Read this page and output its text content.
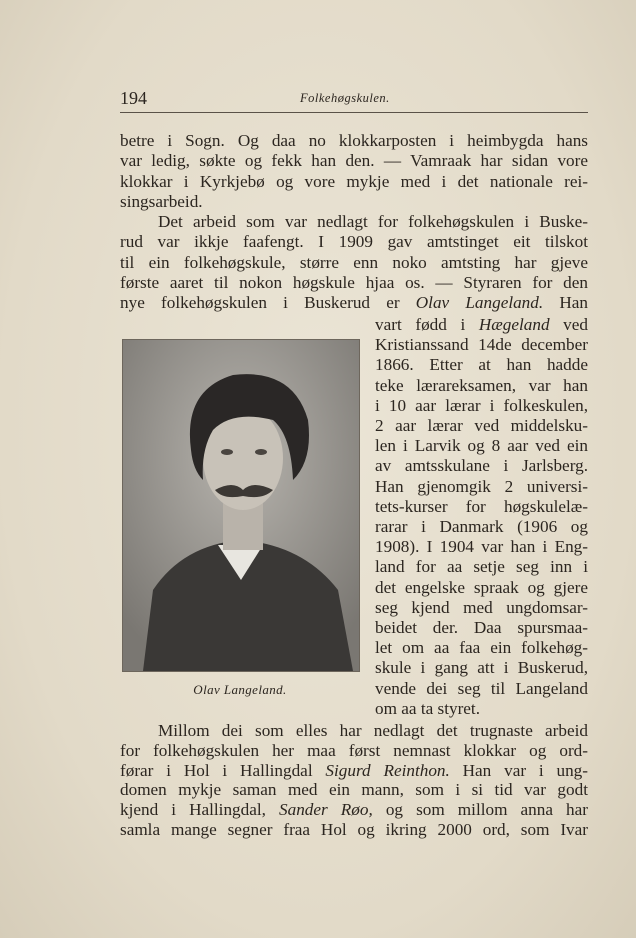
194	Folkehøgskulen.
Olav Langeland.
betre i Sogn. Og daa no klokkarposten i heimbygda hans
var ledig, søkte og fekk han den. — Vamraak har sidan vore
klokkar i Kyrkjebø og vore mykje med i det nationale rei-
singsarbeid.
Det arbeid som var nedlagt for folkehøgskulen i Buske-
rud var ikkje faafengt. I 1909 gav amtstinget eit tilskot
til ein folkehøgskule, større enn noko amtsting har gjeve
første aaret til nokon høgskule hjaa os. — Styraren for den
nye folkehøgskulen i Buskerud er Olav Langeland. Han
vart fødd i Hægeland ved
Kristianssand 14de december
1866. Etter at han hadde
teke lærareksamen, var han
i 10 aar lærar i folkeskulen,
2 aar lærar ved middelsku-
len i Larvik og 8 aar ved ein
av amtsskulane i Jarlsberg.
Han gjenomgik 2 universi-
tets-kurser for høgskulelæ-
rarar i Danmark (1906 og
1908). I 1904 var han i Eng-
land for aa setje seg inn i
det engelske spraak og gjere
seg kjend med ungdomsar-
beidet der. Daa spursmaa-
let om aa faa ein folkehøg-
skule i gang att i Buskerud,
vende dei seg til Langeland
om aa ta styret.
Millom dei som elles har nedlagt det trugnaste arbeid
for folkehøgskulen her maa først nemnast klokkar og ord-
førar i Hol i Hallingdal Sigurd Reinthon. Han var i ung-
domen mykje saman med ein mann, som i si tid var godt
kjend i Hallingdal, Sander Røo, og som millom anna har
samla mange segner fraa Hol og ikring 2000 ord, som Ivar
